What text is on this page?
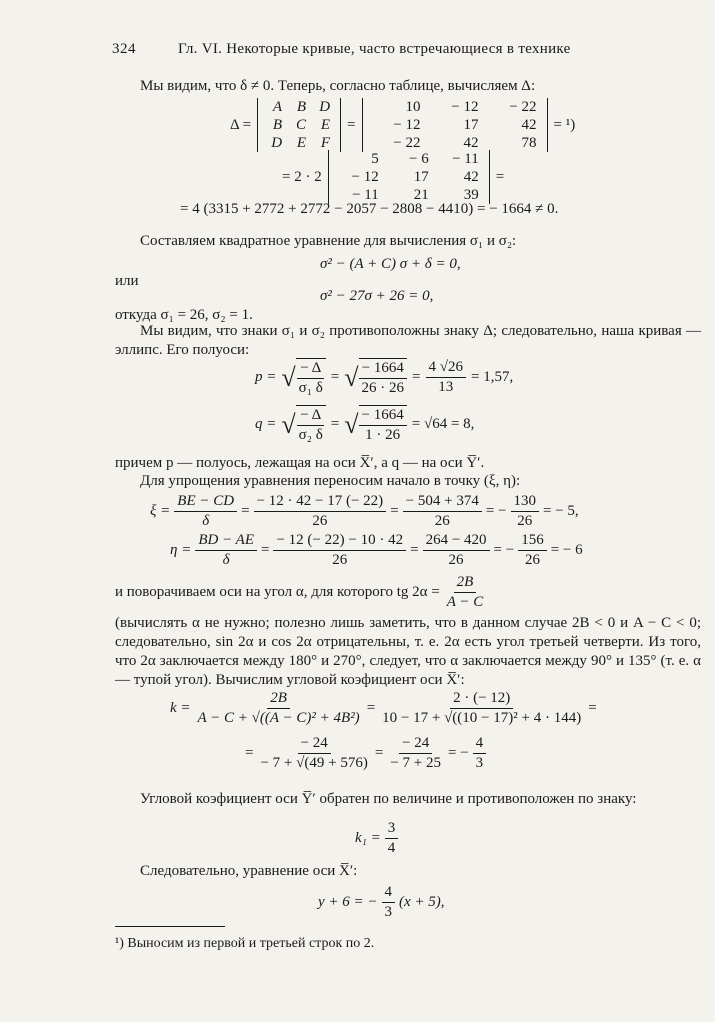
324	Гл. VI. Некоторые кривые, часто встречающиеся в технике
Мы видим, что δ ≠ 0. Теперь, согласно таблице, вычисляем Δ:
Δ =
A B D
B C E
D E F
=
10	− 12	− 22
− 12	17	42
− 22	42	78
= ¹)
= 2 · 2
5	− 6	− 11
− 12	17	42
− 11	21	39
=
= 4 (3315 + 2772 + 2772 − 2057 − 2808 − 4410) = − 1664 ≠ 0.
Составляем квадратное уравнение для вычисления σ₁ и σ₂:
σ² − (A + C) σ + δ = 0,
или
σ² − 27σ + 26 = 0,
откуда σ₁ = 26, σ₂ = 1.
Мы видим, что знаки σ₁ и σ₂ противоположны знаку Δ; следовательно, наша кривая — эллипс. Его полуоси:
p = √ $\frac{- \Delta}{\text{σ₁ δ}}$ = √ $\frac{- 1664}{26 \cdot 26} = \frac{4 √26}{13} = 1,57$,
q = √ $\frac{- \Delta}{\text{σ₂ δ}}$ = √ $\frac{- 1664}{1 \cdot 26} = √64 = 8$,
причем p — полуось, лежащая на оси X̅′, а q — на оси Y̅′.
Для упрощения уравнения переносим начало в точку (ξ, η):
$\xi = \frac{BE - CD}{\delta} = \frac{- 12 \cdot 42 - 17 (- 22)}{26} = \frac{- 504 + 374}{26}$ = − $\frac{130}{26}$ = − 5,
$\eta = \frac{BD - AE}{\delta} = \frac{- 12 (- 22) - 10 \cdot 42}{26} = \frac{264 - 420}{26}$ = − $\frac{156}{26}$ = − 6
и поворачиваем оси на угол α, для которого tg $2\alpha = \frac{2B}{A - C}$
(вычислять α не нужно; полезно лишь заметить, что в данном случае 2B < 0 и A − C < 0; следовательно, sin 2α и cos 2α отрицательны, т. е. 2α есть угол третьей четверти. Из того, что 2α заключается между 180° и 270°, следует, что α заключается между 90° и 135° (т. е. α — тупой угол). Вычислим угловой коэфициент оси X̅′:
$k = \frac{2B}{\text{A − C + √((A − C)² + 4B²)}} = \frac{2 \cdot (- 12)}{\text{10 − 17 + √((10 − 17)² + 4 · 144)}}$ =
= $\frac{- 24}{- 7 + √(49 + 576)} = \frac{- 24}{- 7 + 25}$ = − $\frac{4}{3}$
Угловой коэфициент оси Y̅′ обратен по величине и противоположен по знаку:
$k_1 = \frac{3}{4}$
Следовательно, уравнение оси X̅′:
y + 6 = − $\frac{4}{3} (x + 5)$,
¹) Выносим из первой и третьей строк по 2.
